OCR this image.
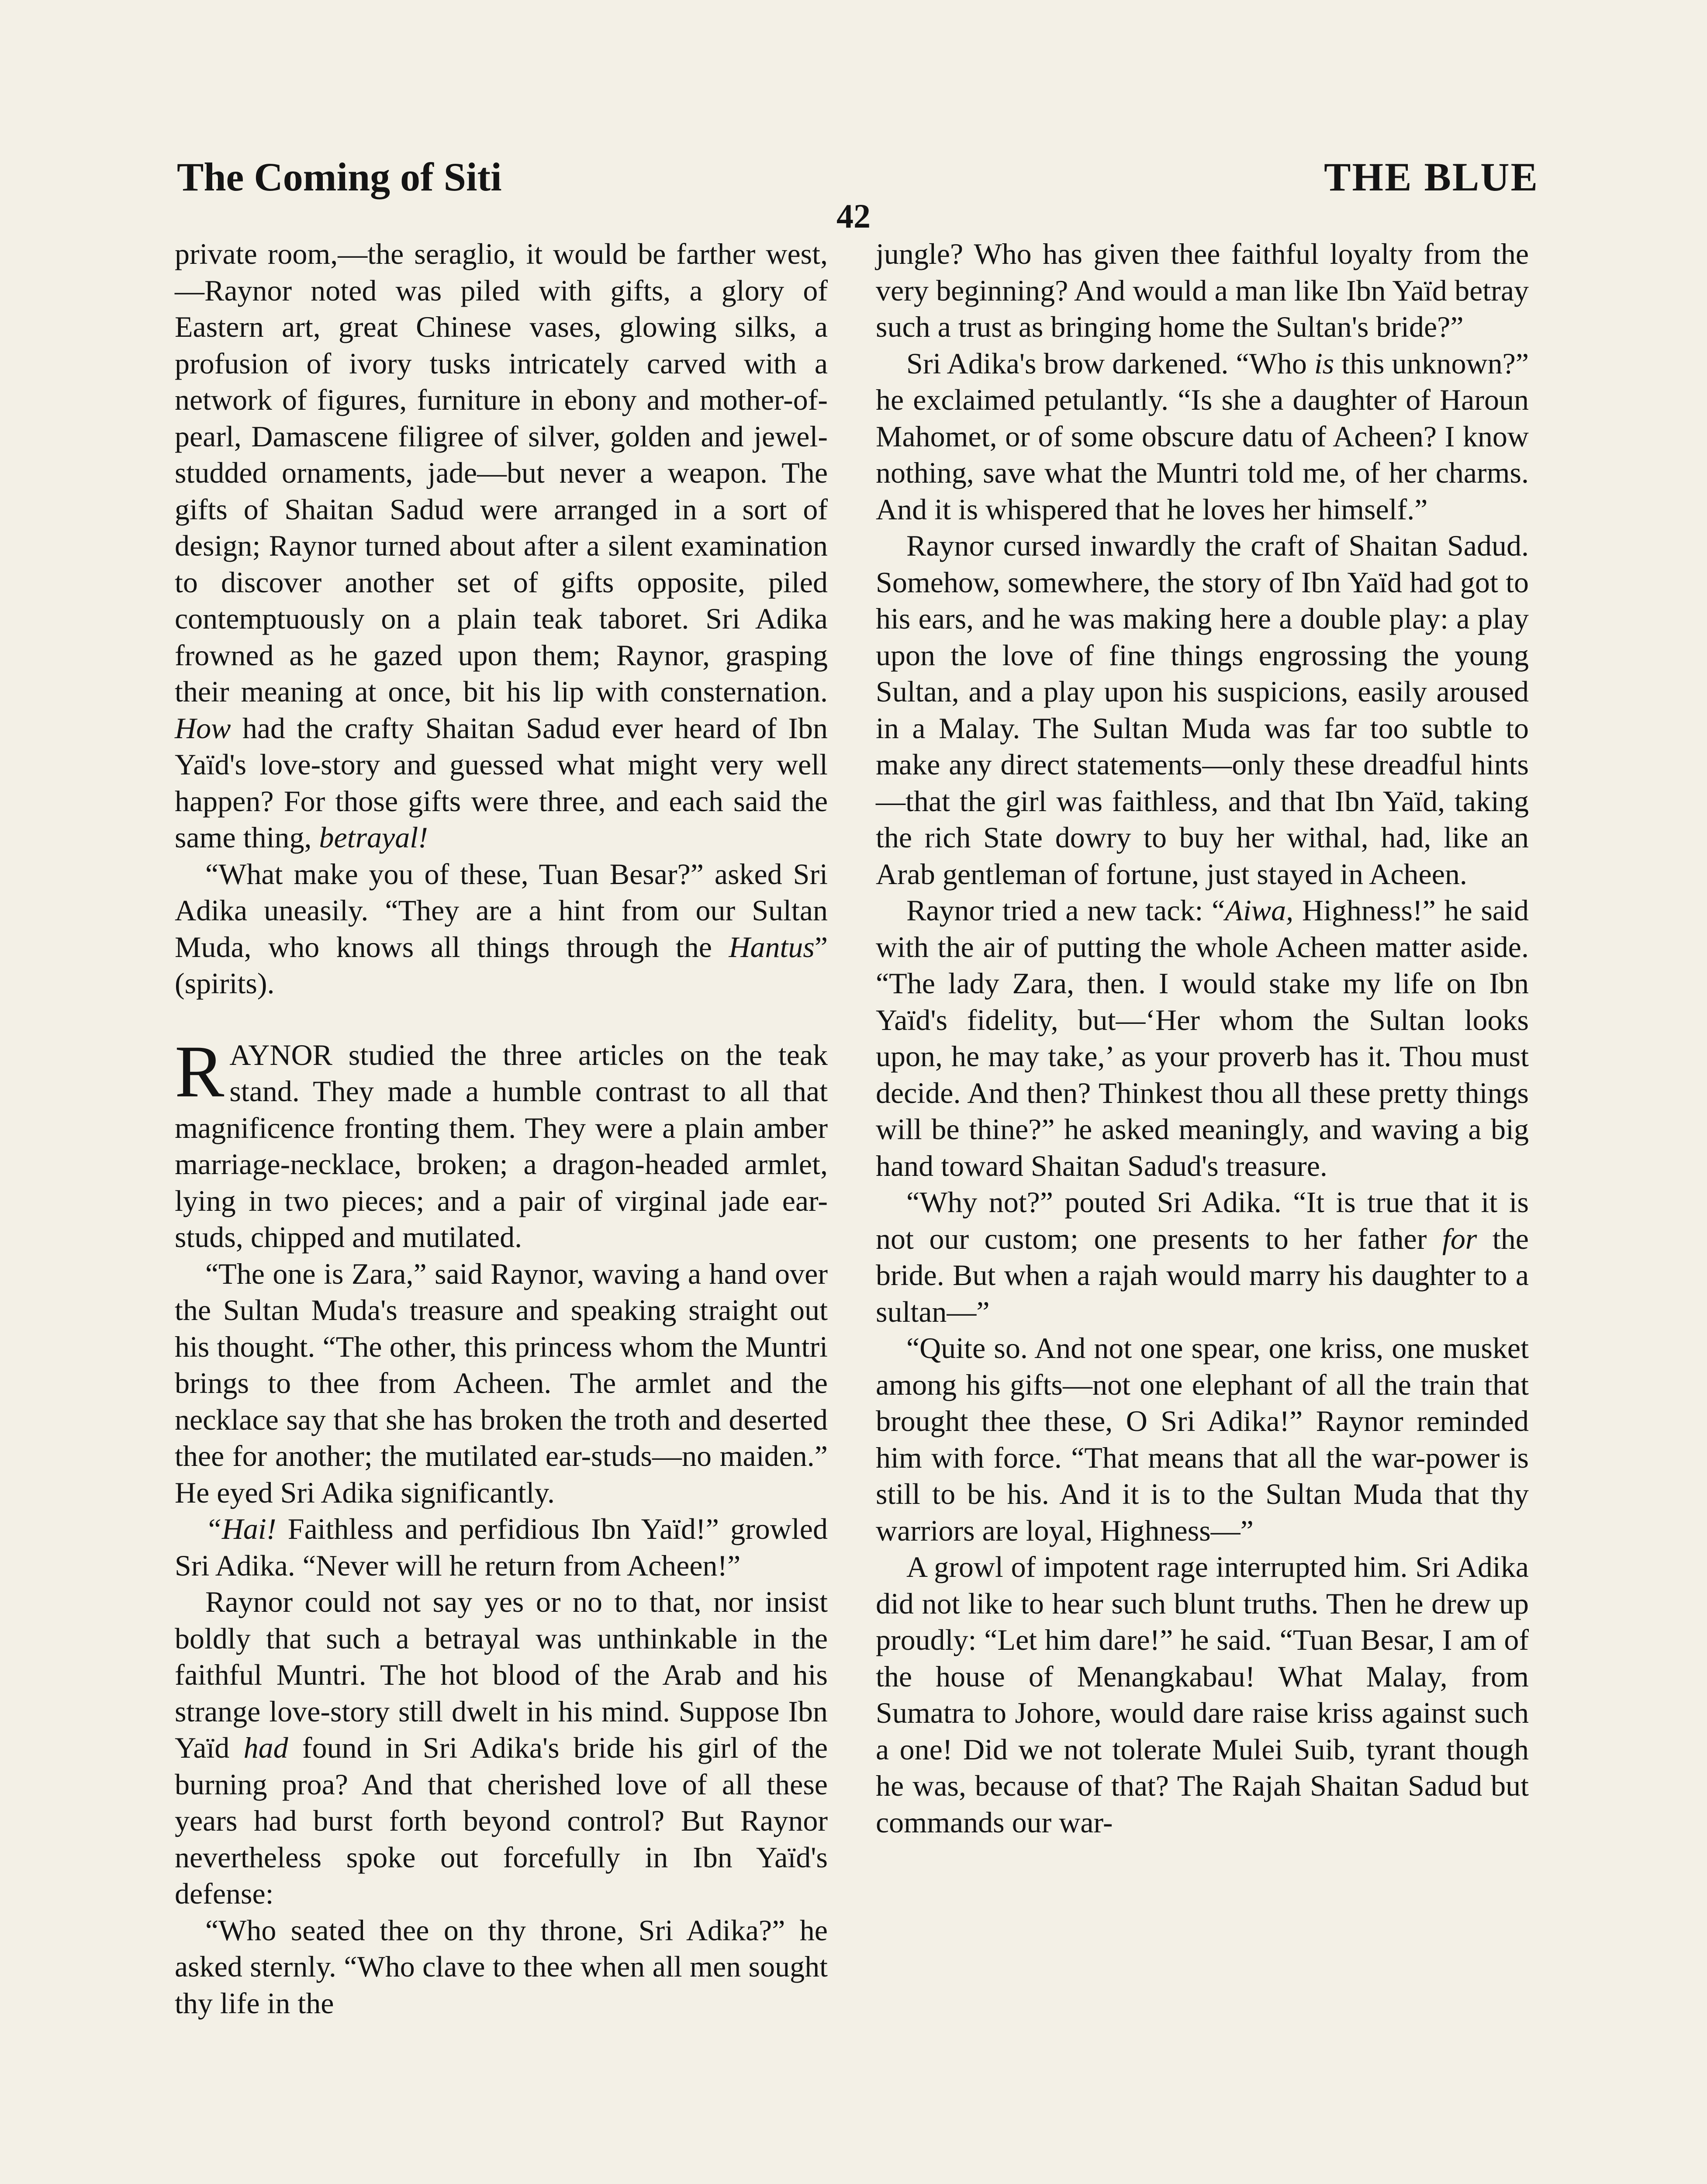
The Coming of Siti	THE BLUE
42

private room,—the seraglio, it would be farther west,—Raynor noted was piled with gifts, a glory of Eastern art, great Chinese vases, glowing silks, a profusion of ivory tusks intricately carved with a network of figures, furniture in ebony and mother-of-pearl, Damascene filigree of silver, golden and jewel-studded ornaments, jade—but never a weapon. The gifts of Shaitan Sadud were arranged in a sort of design; Raynor turned about after a silent examination to discover another set of gifts opposite, piled contemptuously on a plain teak taboret. Sri Adika frowned as he gazed upon them; Raynor, grasping their meaning at once, bit his lip with consternation. How had the crafty Shaitan Sadud ever heard of Ibn Yaïd's love-story and guessed what might very well happen? For those gifts were three, and each said the same thing, betrayal!

“What make you of these, Tuan Besar?” asked Sri Adika uneasily. “They are a hint from our Sultan Muda, who knows all things through the Hantus” (spirits).

RAYNOR studied the three articles on the teak stand. They made a humble contrast to all that magnificence fronting them. They were a plain amber marriage-necklace, broken; a dragon-headed armlet, lying in two pieces; and a pair of virginal jade ear-studs, chipped and mutilated.

“The one is Zara,” said Raynor, waving a hand over the Sultan Muda's treasure and speaking straight out his thought. “The other, this princess whom the Muntri brings to thee from Acheen. The armlet and the necklace say that she has broken the troth and deserted thee for another; the mutilated ear-studs—no maiden.” He eyed Sri Adika significantly.

“Hai! Faithless and perfidious Ibn Yaïd!” growled Sri Adika. “Never will he return from Acheen!”

Raynor could not say yes or no to that, nor insist boldly that such a betrayal was unthinkable in the faithful Muntri. The hot blood of the Arab and his strange love-story still dwelt in his mind. Suppose Ibn Yaïd had found in Sri Adika's bride his girl of the burning proa? And that cherished love of all these years had burst forth beyond control? But Raynor nevertheless spoke out forcefully in Ibn Yaïd's defense:

“Who seated thee on thy throne, Sri Adika?” he asked sternly. “Who clave to thee when all men sought thy life in the

jungle? Who has given thee faithful loyalty from the very beginning? And would a man like Ibn Yaïd betray such a trust as bringing home the Sultan's bride?”

Sri Adika's brow darkened. “Who is this unknown?” he exclaimed petulantly. “Is she a daughter of Haroun Mahomet, or of some obscure datu of Acheen? I know nothing, save what the Muntri told me, of her charms. And it is whispered that he loves her himself.”

Raynor cursed inwardly the craft of Shaitan Sadud. Somehow, somewhere, the story of Ibn Yaïd had got to his ears, and he was making here a double play: a play upon the love of fine things engrossing the young Sultan, and a play upon his suspicions, easily aroused in a Malay. The Sultan Muda was far too subtle to make any direct statements—only these dreadful hints—that the girl was faithless, and that Ibn Yaïd, taking the rich State dowry to buy her withal, had, like an Arab gentleman of fortune, just stayed in Acheen.

Raynor tried a new tack: “Aiwa, Highness!” he said with the air of putting the whole Acheen matter aside. “The lady Zara, then. I would stake my life on Ibn Yaïd's fidelity, but—‘Her whom the Sultan looks upon, he may take,’ as your proverb has it. Thou must decide. And then? Thinkest thou all these pretty things will be thine?” he asked meaningly, and waving a big hand toward Shaitan Sadud's treasure.

“Why not?” pouted Sri Adika. “It is true that it is not our custom; one presents to her father for the bride. But when a rajah would marry his daughter to a sultan—”

“Quite so. And not one spear, one kriss, one musket among his gifts—not one elephant of all the train that brought thee these, O Sri Adika!” Raynor reminded him with force. “That means that all the war-power is still to be his. And it is to the Sultan Muda that thy warriors are loyal, Highness—”

A growl of impotent rage interrupted him. Sri Adika did not like to hear such blunt truths. Then he drew up proudly: “Let him dare!” he said. “Tuan Besar, I am of the house of Menangkabau! What Malay, from Sumatra to Johore, would dare raise kriss against such a one! Did we not tolerate Mulei Suib, tyrant though he was, because of that? The Rajah Shaitan Sadud but commands our war-
